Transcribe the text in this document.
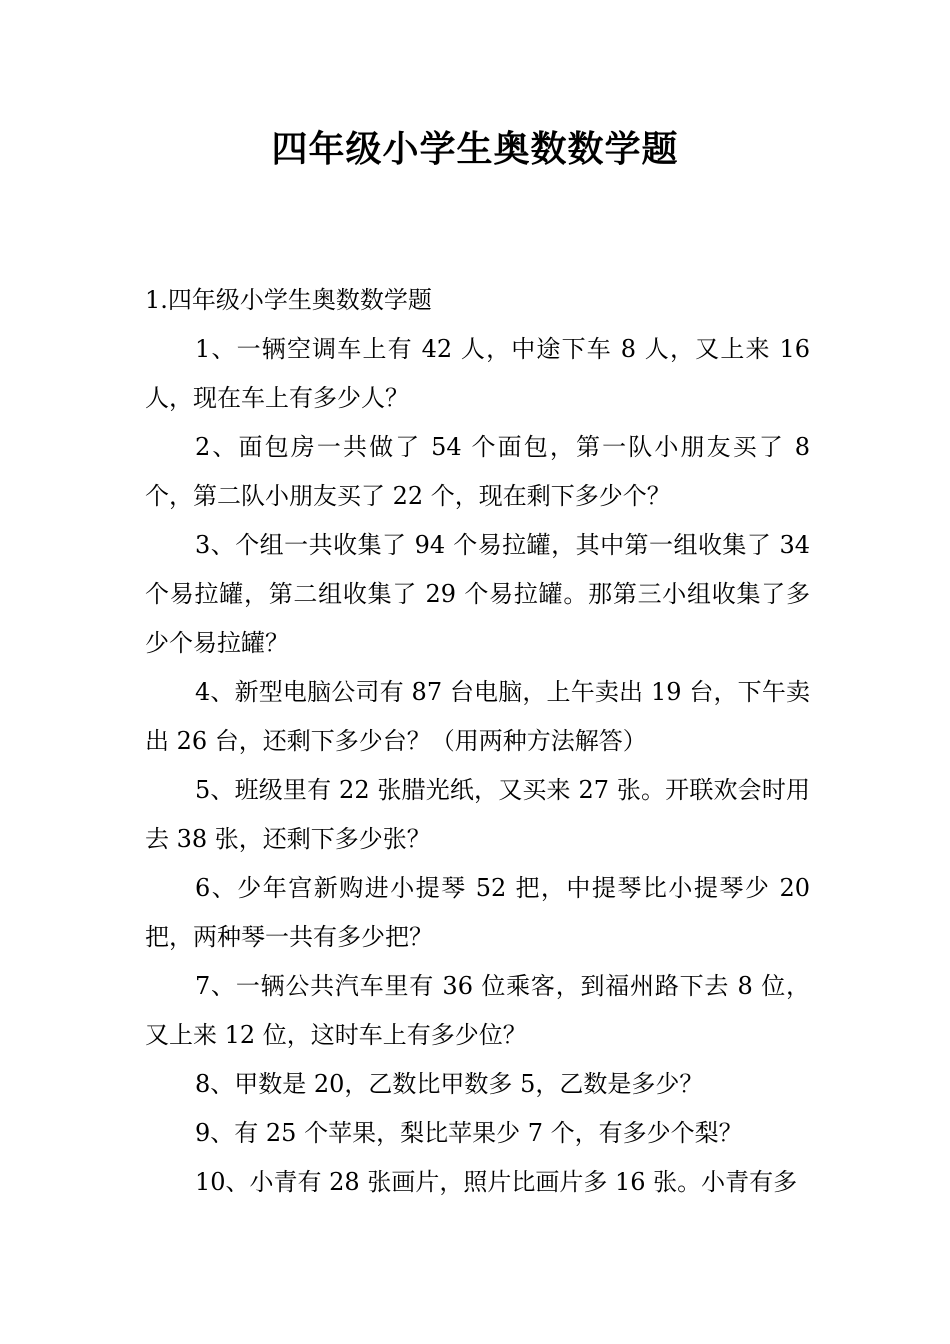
四年级小学生奥数数学题

1.四年级小学生奥数数学题

1、一辆空调车上有 42 人，中途下车 8 人，又上来 16 人，现在车上有多少人？

2、面包房一共做了 54 个面包，第一队小朋友买了 8 个，第二队小朋友买了 22 个，现在剩下多少个？

3、个组一共收集了 94 个易拉罐，其中第一组收集了 34 个易拉罐，第二组收集了 29 个易拉罐。那第三小组收集了多少个易拉罐？

4、新型电脑公司有 87 台电脑，上午卖出 19 台，下午卖出 26 台，还剩下多少台？（用两种方法解答）

5、班级里有 22 张腊光纸，又买来 27 张。开联欢会时用去 38 张，还剩下多少张？

6、少年宫新购进小提琴 52 把，中提琴比小提琴少 20 把，两种琴一共有多少把？

7、一辆公共汽车里有 36 位乘客，到福州路下去 8 位，又上来 12 位，这时车上有多少位？

8、甲数是 20，乙数比甲数多 5，乙数是多少？

9、有 25 个苹果，梨比苹果少 7 个，有多少个梨？

10、小青有 28 张画片，照片比画片多 16 张。小青有多
